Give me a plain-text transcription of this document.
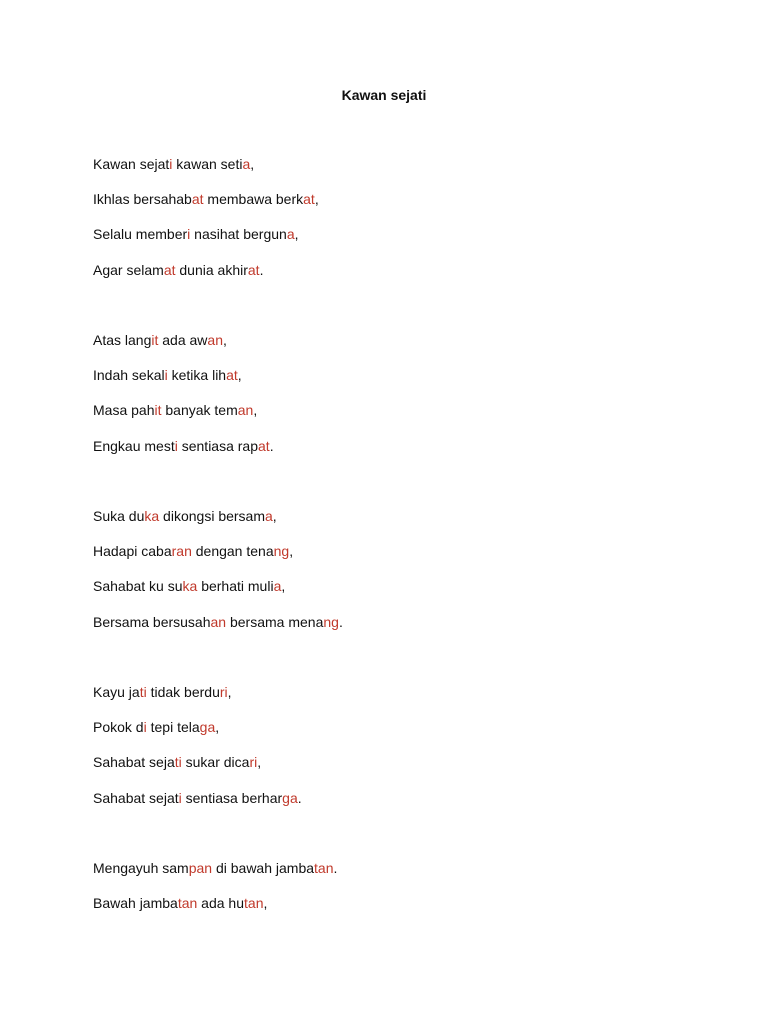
Kawan sejati
Kawan sejati kawan setia,
Ikhlas bersahabat membawa berkat,
Selalu memberi nasihat berguna,
Agar selamat dunia akhirat.
Atas langit ada awan,
Indah sekali ketika lihat,
Masa pahit banyak teman,
Engkau mesti sentiasa rapat.
Suka duka dikongsi bersama,
Hadapi cabaran dengan tenang,
Sahabat ku suka berhati mulia,
Bersama bersusahan bersama menang.
Kayu jati tidak berduri,
Pokok di tepi telaga,
Sahabat sejati sukar dicari,
Sahabat sejati sentiasa berharga.
Mengayuh sampan di bawah jambatan.
Bawah jambatan ada hutan,
